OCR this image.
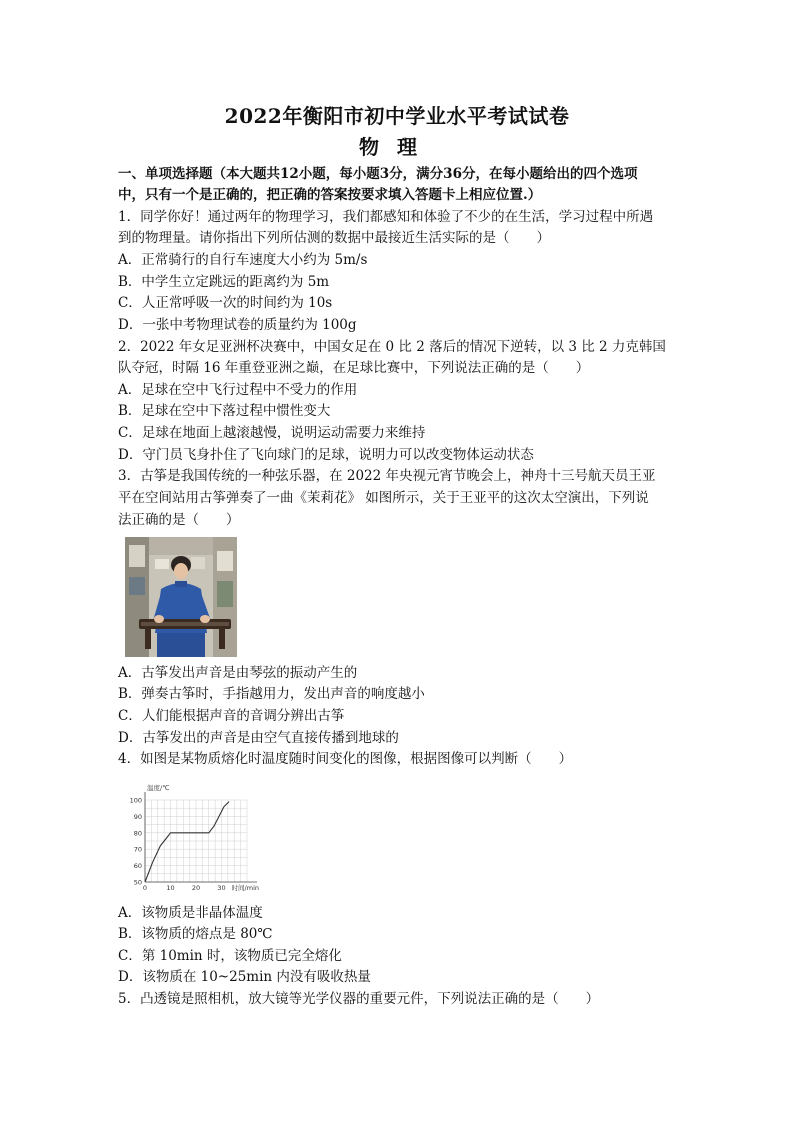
2022年衡阳市初中学业水平考试试卷
物理
一、单项选择题（本大题共12小题，每小题3分，满分36分，在每小题给出的四个选项
中，只有一个是正确的，把正确的答案按要求填入答题卡上相应位置.）
1．同学你好！通过两年的物理学习，我们都感知和体验了不少的在生活，学习过程中所遇
到的物理量。请你指出下列所估测的数据中最接近生活实际的是（　　）
A．正常骑行的自行车速度大小约为 5m/s
B．中学生立定跳远的距离约为 5m
C．人正常呼吸一次的时间约为 10s
D．一张中考物理试卷的质量约为 100g
2．2022 年女足亚洲杯决赛中，中国女足在 0 比 2 落后的情况下逆转，以 3 比 2 力克韩国
队夺冠，时隔 16 年重登亚洲之巅，在足球比赛中，下列说法正确的是（　　）
A．足球在空中飞行过程中不受力的作用
B．足球在空中下落过程中惯性变大
C．足球在地面上越滚越慢，说明运动需要力来维持
D．守门员飞身扑住了飞向球门的足球，说明力可以改变物体运动状态
3．古筝是我国传统的一种弦乐器，在 2022 年央视元宵节晚会上，神舟十三号航天员王亚
平在空间站用古筝弹奏了一曲《茉莉花》 如图所示，关于王亚平的这次太空演出，下列说
法正确的是（　　）
A．古筝发出声音是由琴弦的振动产生的
B．弹奏古筝时，手指越用力，发出声音的响度越小
C．人们能根据声音的音调分辨出古筝
D．古筝发出的声音是由空气直接传播到地球的
4．如图是某物质熔化时温度随时间变化的图像，根据图像可以判断（　　）
100
90
80
70
60
50
0	10	20	30
温度/℃
时间/min
A．该物质是非晶体温度
B．该物质的熔点是 80℃
C．第 10min 时，该物质已完全熔化
D．该物质在 10~25min 内没有吸收热量
5．凸透镜是照相机，放大镜等光学仪器的重要元件，下列说法正确的是（　　）
